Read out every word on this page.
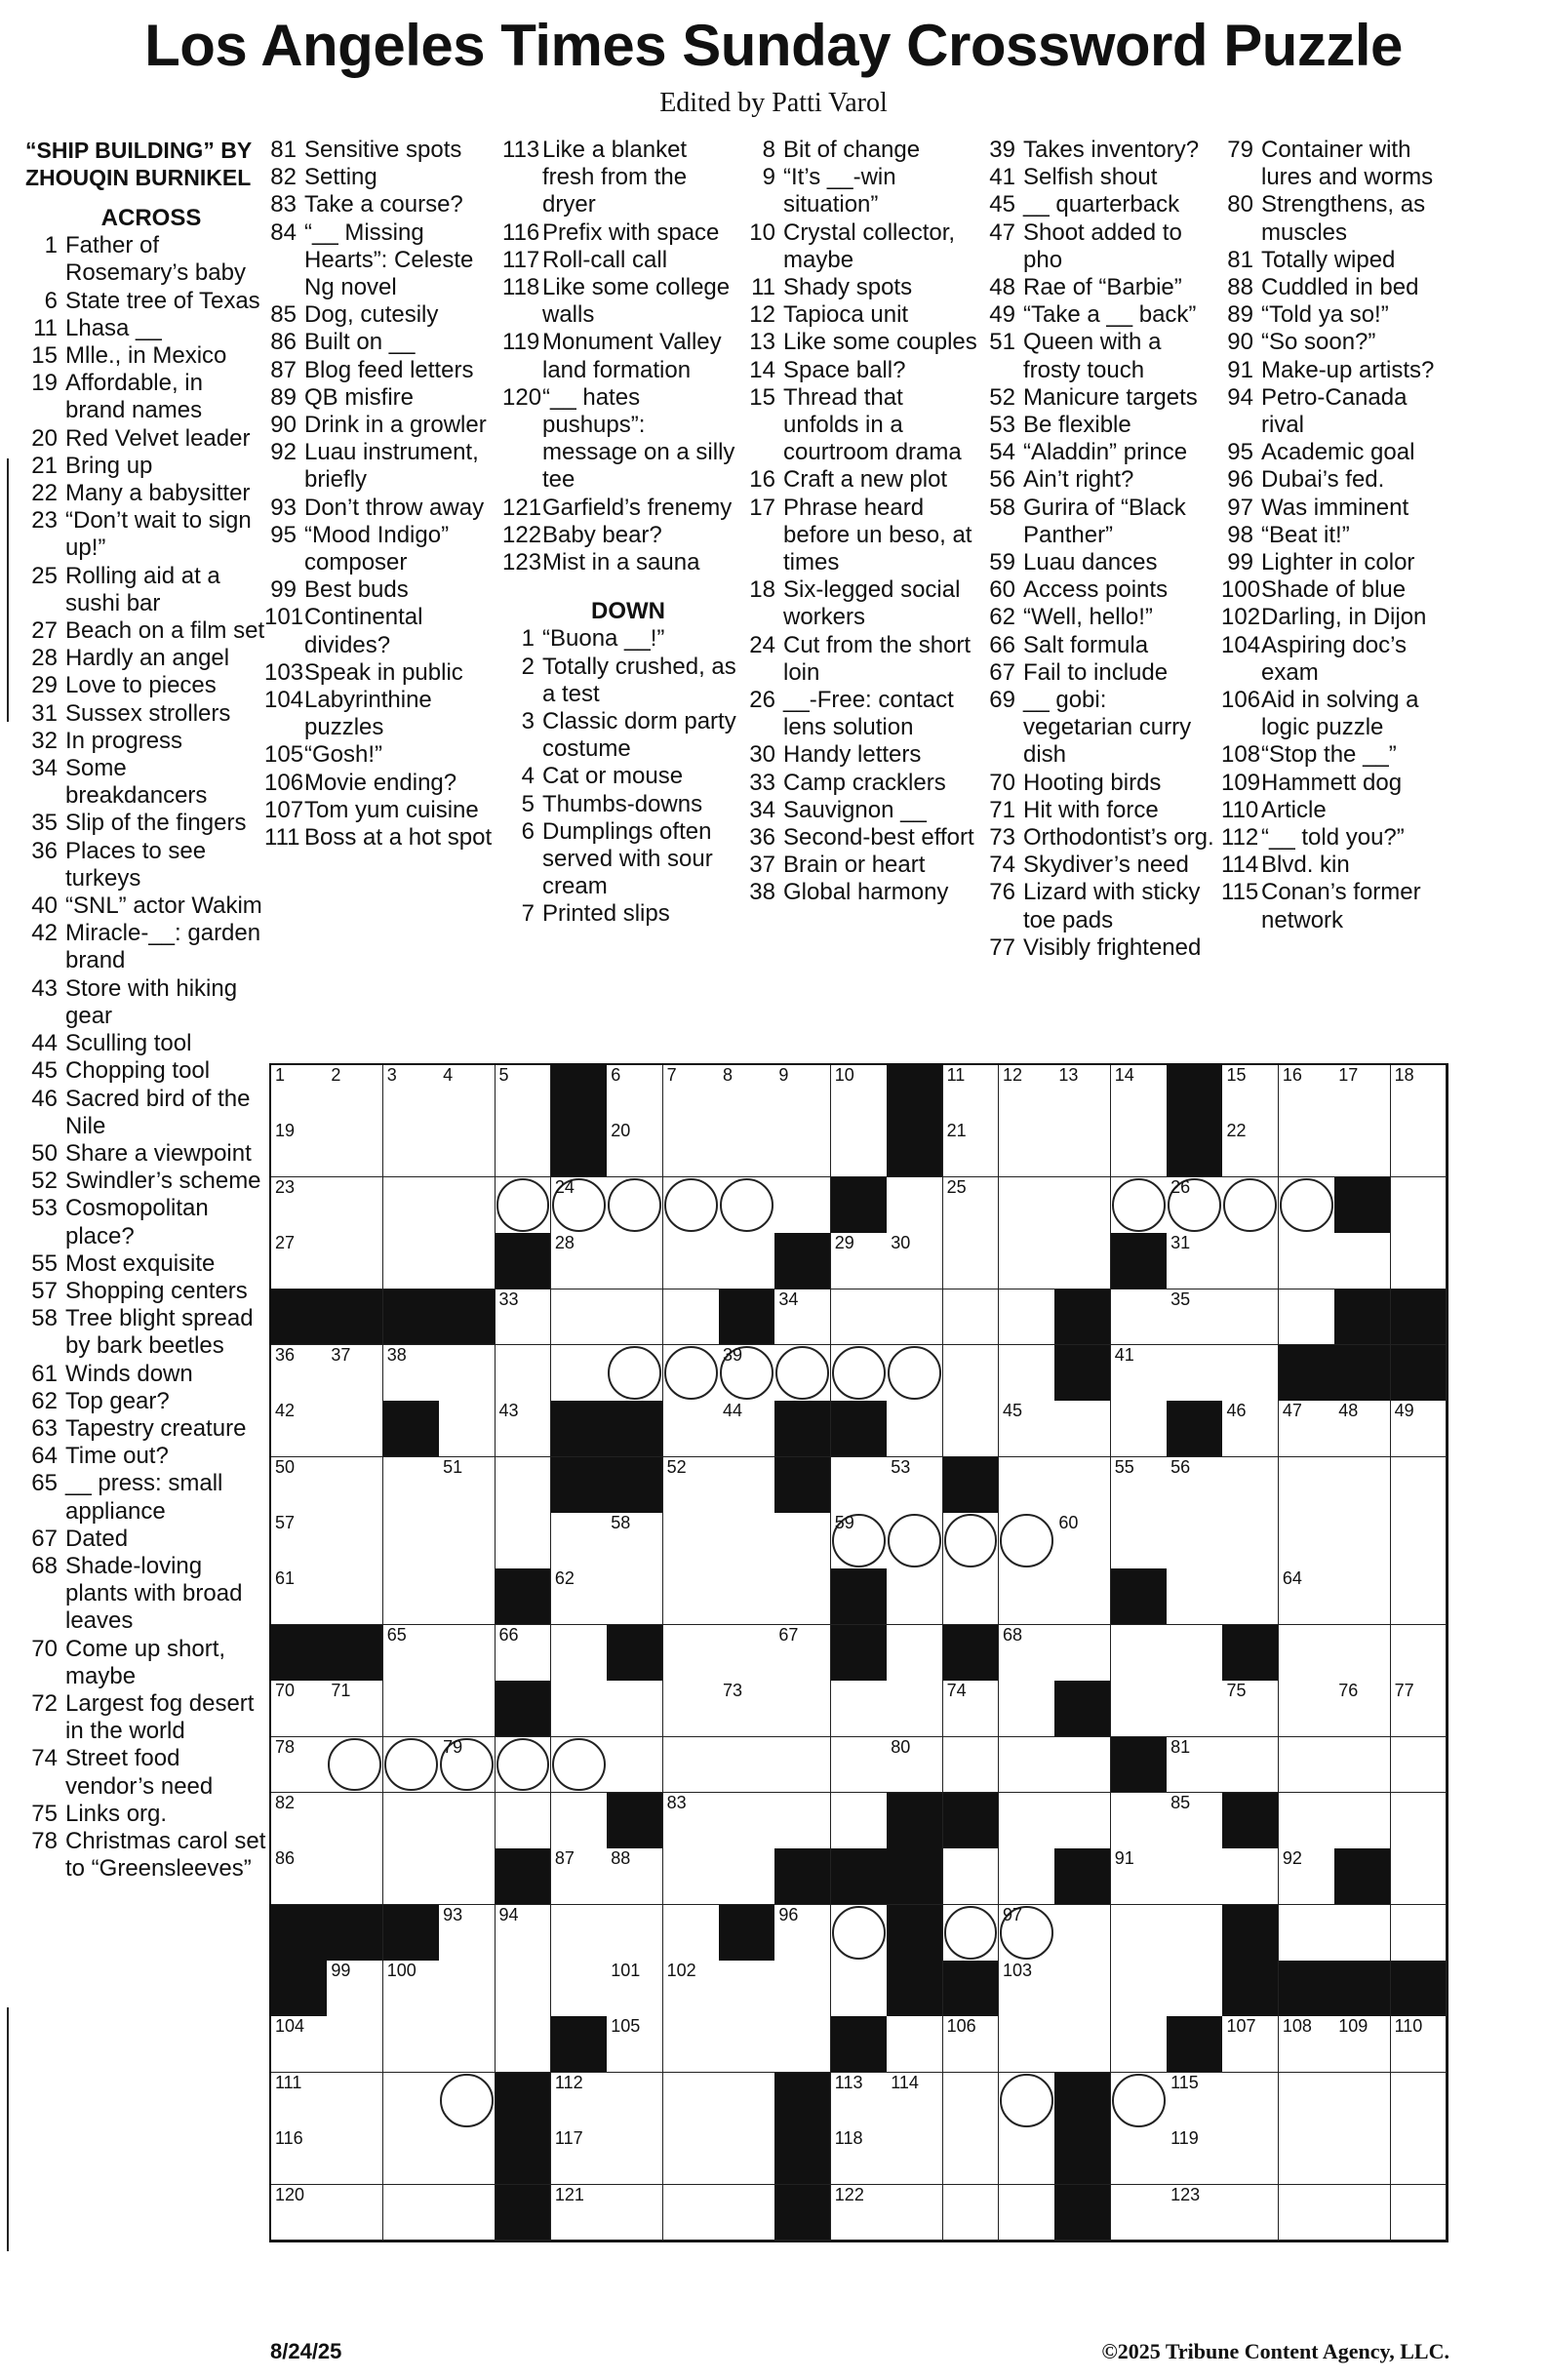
Los Angeles Times Sunday Crossword Puzzle
Edited by Patti Varol
“SHIP BUILDING” BY ZHOUQIN BURNIKEL
ACROSS
1 Father of Rosemary’s baby
6 State tree of Texas
11 Lhasa __
15 Mlle., in Mexico
19 Affordable, in brand names
20 Red Velvet leader
21 Bring up
22 Many a babysitter
23 “Don’t wait to sign up!”
25 Rolling aid at a sushi bar
27 Beach on a film set
28 Hardly an angel
29 Love to pieces
31 Sussex strollers
32 In progress
34 Some breakdancers
35 Slip of the fingers
36 Places to see turkeys
40 “SNL” actor Wakim
42 Miracle-__: garden brand
43 Store with hiking gear
44 Sculling tool
45 Chopping tool
46 Sacred bird of the Nile
50 Share a viewpoint
52 Swindler’s scheme
53 Cosmopolitan place?
55 Most exquisite
57 Shopping centers
58 Tree blight spread by bark beetles
61 Winds down
62 Top gear?
63 Tapestry creature
64 Time out?
65 __ press: small appliance
67 Dated
68 Shade-loving plants with broad leaves
70 Come up short, maybe
72 Largest fog desert in the world
74 Street food vendor’s need
75 Links org.
78 Christmas carol set to “Greensleeves”
81 Sensitive spots
82 Setting
83 Take a course?
84 “__ Missing Hearts”: Celeste Ng novel
85 Dog, cutesily
86 Built on __
87 Blog feed letters
89 QB misfire
90 Drink in a growler
92 Luau instrument, briefly
93 Don’t throw away
95 “Mood Indigo” composer
99 Best buds
101 Continental divides?
103 Speak in public
104 Labyrinthine puzzles
105 “Gosh!”
106 Movie ending?
107 Tom yum cuisine
111 Boss at a hot spot
113 Like a blanket fresh from the dryer
116 Prefix with space
117 Roll-call call
118 Like some college walls
119 Monument Valley land formation
120 “__ hates pushups”: message on a silly tee
121 Garfield’s frenemy
122 Baby bear?
123 Mist in a sauna
DOWN
1 “Buona __!”
2 Totally crushed, as a test
3 Classic dorm party costume
4 Cat or mouse
5 Thumbs-downs
6 Dumplings often served with sour cream
7 Printed slips
8 Bit of change
9 “It’s __-win situation”
10 Crystal collector, maybe
11 Shady spots
12 Tapioca unit
13 Like some couples
14 Space ball?
15 Thread that unfolds in a courtroom drama
16 Craft a new plot
17 Phrase heard before un beso, at times
18 Six-legged social workers
24 Cut from the short loin
26 __-Free: contact lens solution
30 Handy letters
33 Camp cracklers
34 Sauvignon __
36 Second-best effort
37 Brain or heart
38 Global harmony
39 Takes inventory?
41 Selfish shout
45 __ quarterback
47 Shoot added to pho
48 Rae of “Barbie”
49 “Take a __ back”
51 Queen with a frosty touch
52 Manicure targets
53 Be flexible
54 “Aladdin” prince
56 Ain’t right?
58 Gurira of “Black Panther”
59 Luau dances
60 Access points
62 “Well, hello!”
66 Salt formula
67 Fail to include
69 __ gobi: vegetarian curry dish
70 Hooting birds
71 Hit with force
73 Orthodontist’s org.
74 Skydiver’s need
76 Lizard with sticky toe pads
77 Visibly frightened
79 Container with lures and worms
80 Strengthens, as muscles
81 Totally wiped
88 Cuddled in bed
89 “Told ya so!”
90 “So soon?”
91 Make-up artists?
94 Petro-Canada rival
95 Academic goal
96 Dubai’s fed.
97 Was imminent
98 “Beat it!”
99 Lighter in color
100 Shade of blue
102 Darling, in Dijon
104 Aspiring doc’s exam
106 Aid in solving a logic puzzle
108 “Stop the __”
109 Hammett dog
110 Article
112 “__ told you?”
114 Blvd. kin
115 Conan’s former network
1	2	3	4	5	6	7	8	9	10	11 12 13 14	15 16 17 18
19	20	21	22
23	24	25	26
27	28	29 30	31
33	34	35
36 37 38	39	41
42	43	44	45	46 47 48 49
50	51	52	53	55 56
57	58	59	60
61	62	64
65	66	67	68
70 71	73	74	75	76 77
78	79	80	81
82	83	85
86	87 88	91	92
93 94	96	97
99 100	101 102	103
104	105	106	107 108 109 110
111	112	113 114	115
116	117	118	119
120	121	122	123
8/24/25	©2025 Tribune Content Agency, LLC.
